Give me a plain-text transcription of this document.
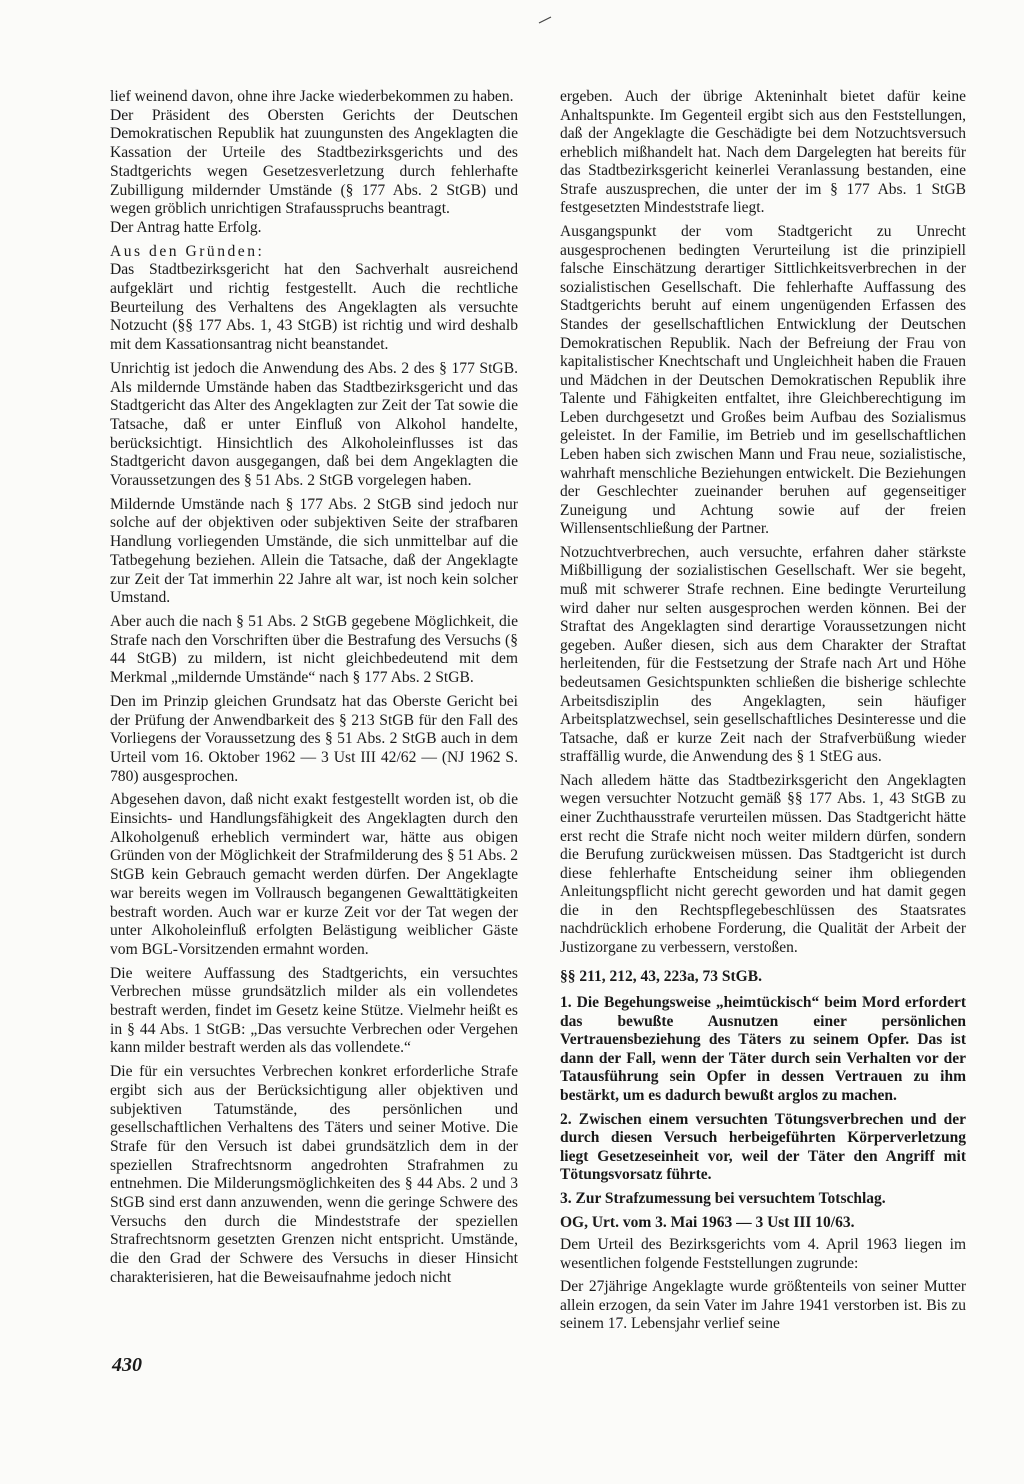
lief weinend davon, ohne ihre Jacke wiederbekommen zu haben.

Der Präsident des Obersten Gerichts der Deutschen Demokratischen Republik hat zuungunsten des Angeklagten die Kassation der Urteile des Stadtbezirksgerichts und des Stadtgerichts wegen Gesetzesverletzung durch fehlerhafte Zubilligung mildernder Umstände (§ 177 Abs. 2 StGB) und wegen gröblich unrichtigen Strafausspruchs beantragt.

Der Antrag hatte Erfolg.

Aus den Gründen:

Das Stadtbezirksgericht hat den Sachverhalt ausreichend aufgeklärt und richtig festgestellt. Auch die rechtliche Beurteilung des Verhaltens des Angeklagten als versuchte Notzucht (§§ 177 Abs. 1, 43 StGB) ist richtig und wird deshalb mit dem Kassationsantrag nicht beanstandet.

Unrichtig ist jedoch die Anwendung des Abs. 2 des § 177 StGB. Als mildernde Umstände haben das Stadtbezirksgericht und das Stadtgericht das Alter des Angeklagten zur Zeit der Tat sowie die Tatsache, daß er unter Einfluß von Alkohol handelte, berücksichtigt. Hinsichtlich des Alkoholeinflusses ist das Stadtgericht davon ausgegangen, daß bei dem Angeklagten die Voraussetzungen des § 51 Abs. 2 StGB vorgelegen haben.

Mildernde Umstände nach § 177 Abs. 2 StGB sind jedoch nur solche auf der objektiven oder subjektiven Seite der strafbaren Handlung vorliegenden Umstände, die sich unmittelbar auf die Tatbegehung beziehen. Allein die Tatsache, daß der Angeklagte zur Zeit der Tat immerhin 22 Jahre alt war, ist noch kein solcher Umstand.

Aber auch die nach § 51 Abs. 2 StGB gegebene Möglichkeit, die Strafe nach den Vorschriften über die Bestrafung des Versuchs (§ 44 StGB) zu mildern, ist nicht gleichbedeutend mit dem Merkmal „mildernde Umstände“ nach § 177 Abs. 2 StGB.

Den im Prinzip gleichen Grundsatz hat das Oberste Gericht bei der Prüfung der Anwendbarkeit des § 213 StGB für den Fall des Vorliegens der Voraussetzung des § 51 Abs. 2 StGB auch in dem Urteil vom 16. Oktober 1962 — 3 Ust III 42/62 — (NJ 1962 S. 780) ausgesprochen.

Abgesehen davon, daß nicht exakt festgestellt worden ist, ob die Einsichts- und Handlungsfähigkeit des Angeklagten durch den Alkoholgenuß erheblich vermindert war, hätte aus obigen Gründen von der Möglichkeit der Strafmilderung des § 51 Abs. 2 StGB kein Gebrauch gemacht werden dürfen. Der Angeklagte war bereits wegen im Vollrausch begangenen Gewalttätigkeiten bestraft worden. Auch war er kurze Zeit vor der Tat wegen der unter Alkoholeinfluß erfolgten Belästigung weiblicher Gäste vom BGL-Vorsitzenden ermahnt worden.

Die weitere Auffassung des Stadtgerichts, ein versuchtes Verbrechen müsse grundsätzlich milder als ein vollendetes bestraft werden, findet im Gesetz keine Stütze. Vielmehr heißt es in § 44 Abs. 1 StGB: „Das versuchte Verbrechen oder Vergehen kann milder bestraft werden als das vollendete.“

Die für ein versuchtes Verbrechen konkret erforderliche Strafe ergibt sich aus der Berücksichtigung aller objektiven und subjektiven Tatumstände, des persönlichen und gesellschaftlichen Verhaltens des Täters und seiner Motive. Die Strafe für den Versuch ist dabei grundsätzlich dem in der speziellen Strafrechtsnorm angedrohten Strafrahmen zu entnehmen. Die Milderungsmöglichkeiten des § 44 Abs. 2 und 3 StGB sind erst dann anzuwenden, wenn die geringe Schwere des Versuchs den durch die Mindeststrafe der speziellen Strafrechtsnorm gesetzten Grenzen nicht entspricht. Umstände, die den Grad der Schwere des Versuchs in dieser Hinsicht charakterisieren, hat die Beweisaufnahme jedoch nicht

ergeben. Auch der übrige Akteninhalt bietet dafür keine Anhaltspunkte. Im Gegenteil ergibt sich aus den Feststellungen, daß der Angeklagte die Geschädigte bei dem Notzuchtsversuch erheblich mißhandelt hat. Nach dem Dargelegten hat bereits für das Stadtbezirksgericht keinerlei Veranlassung bestanden, eine Strafe auszusprechen, die unter der im § 177 Abs. 1 StGB festgesetzten Mindeststrafe liegt.

Ausgangspunkt der vom Stadtgericht zu Unrecht ausgesprochenen bedingten Verurteilung ist die prinzipiell falsche Einschätzung derartiger Sittlichkeitsverbrechen in der sozialistischen Gesellschaft. Die fehlerhafte Auffassung des Stadtgerichts beruht auf einem ungenügenden Erfassen des Standes der gesellschaftlichen Entwicklung der Deutschen Demokratischen Republik. Nach der Befreiung der Frau von kapitalistischer Knechtschaft und Ungleichheit haben die Frauen und Mädchen in der Deutschen Demokratischen Republik ihre Talente und Fähigkeiten entfaltet, ihre Gleichberechtigung im Leben durchgesetzt und Großes beim Aufbau des Sozialismus geleistet. In der Familie, im Betrieb und im gesellschaftlichen Leben haben sich zwischen Mann und Frau neue, sozialistische, wahrhaft menschliche Beziehungen entwickelt. Die Beziehungen der Geschlechter zueinander beruhen auf gegenseitiger Zuneigung und Achtung sowie auf der freien Willensentschließung der Partner.

Notzuchtverbrechen, auch versuchte, erfahren daher stärkste Mißbilligung der sozialistischen Gesellschaft. Wer sie begeht, muß mit schwerer Strafe rechnen. Eine bedingte Verurteilung wird daher nur selten ausgesprochen werden können. Bei der Straftat des Angeklagten sind derartige Voraussetzungen nicht gegeben. Außer diesen, sich aus dem Charakter der Straftat herleitenden, für die Festsetzung der Strafe nach Art und Höhe bedeutsamen Gesichtspunkten schließen die bisherige schlechte Arbeitsdisziplin des Angeklagten, sein häufiger Arbeitsplatzwechsel, sein gesellschaftliches Desinteresse und die Tatsache, daß er kurze Zeit nach der Strafverbüßung wieder straffällig wurde, die Anwendung des § 1 StEG aus.

Nach alledem hätte das Stadtbezirksgericht den Angeklagten wegen versuchter Notzucht gemäß §§ 177 Abs. 1, 43 StGB zu einer Zuchthausstrafe verurteilen müssen. Das Stadtgericht hätte erst recht die Strafe nicht noch weiter mildern dürfen, sondern die Berufung zurückweisen müssen. Das Stadtgericht ist durch diese fehlerhafte Entscheidung seiner ihm obliegenden Anleitungspflicht nicht gerecht geworden und hat damit gegen die in den Rechtspflegebeschlüssen des Staatsrates nachdrücklich erhobene Forderung, die Qualität der Arbeit der Justizorgane zu verbessern, verstoßen.

§§ 211, 212, 43, 223a, 73 StGB.

1. Die Begehungsweise „heimtückisch“ beim Mord erfordert das bewußte Ausnutzen einer persönlichen Vertrauensbeziehung des Täters zu seinem Opfer. Das ist dann der Fall, wenn der Täter durch sein Verhalten vor der Tatausführung sein Opfer in dessen Vertrauen zu ihm bestärkt, um es dadurch bewußt arglos zu machen.

2. Zwischen einem versuchten Tötungsverbrechen und der durch diesen Versuch herbeigeführten Körperverletzung liegt Gesetzeseinheit vor, weil der Täter den Angriff mit Tötungsvorsatz führte.

3. Zur Strafzumessung bei versuchtem Totschlag.

OG, Urt. vom 3. Mai 1963 — 3 Ust III 10/63.

Dem Urteil des Bezirksgerichts vom 4. April 1963 liegen im wesentlichen folgende Feststellungen zugrunde:

Der 27jährige Angeklagte wurde größtenteils von seiner Mutter allein erzogen, da sein Vater im Jahre 1941 verstorben ist. Bis zu seinem 17. Lebensjahr verlief seine

430
